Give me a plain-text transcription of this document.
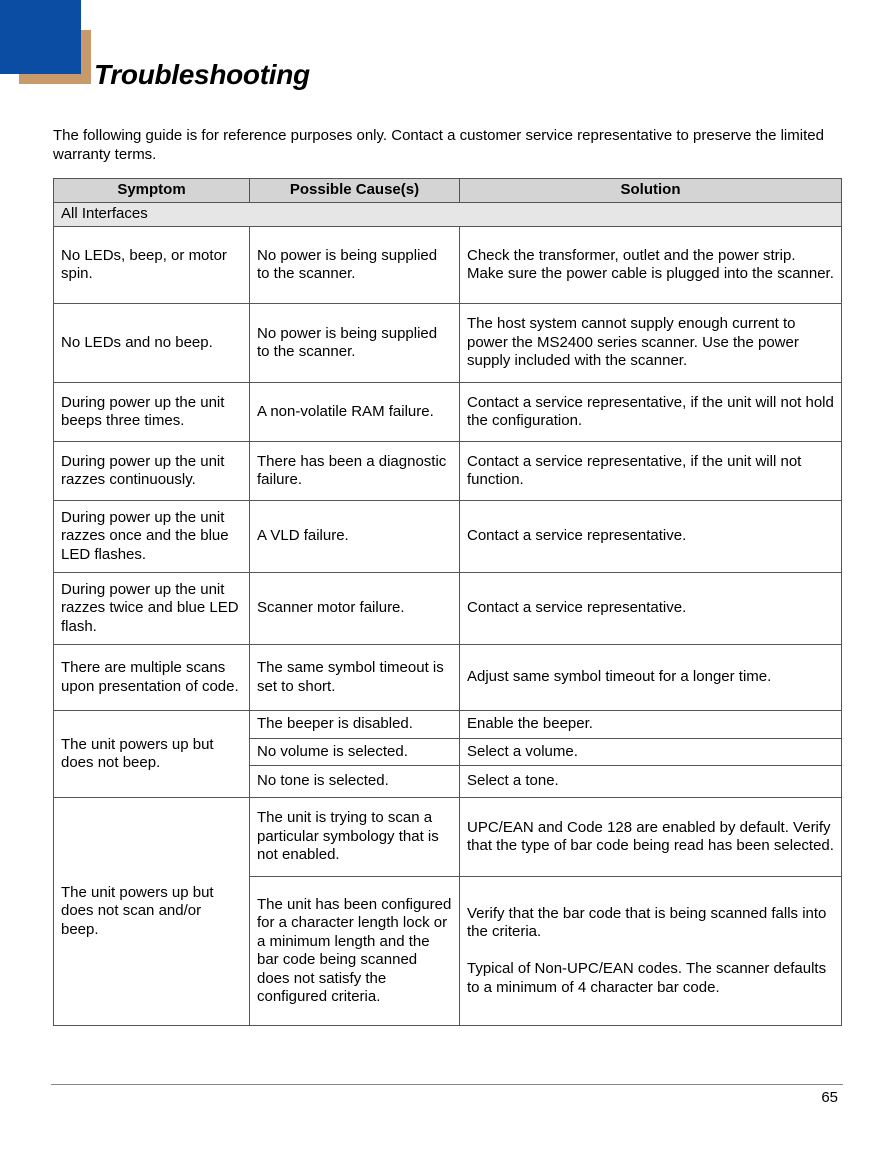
Troubleshooting

The following guide is for reference purposes only. Contact a customer service representative to preserve the limited warranty terms.

Symptom	Possible Cause(s)	Solution
All Interfaces		
No LEDs, beep, or motor spin.	No power is being supplied to the scanner.	Check the transformer, outlet and the power strip. Make sure the power cable is plugged into the scanner.
No LEDs and no beep.	No power is being supplied to the scanner.	The host system cannot supply enough current to power the MS2400 series scanner. Use the power supply included with the scanner.
During power up the unit beeps three times.	A non-volatile RAM failure.	Contact a service representative, if the unit will not hold the configuration.
During power up the unit razzes continuously.	There has been a diagnostic failure.	Contact a service representative, if the unit will not function.
During power up the unit razzes once and the blue LED flashes.	A VLD failure.	Contact a service representative.
During power up the unit razzes twice and blue LED flash.	Scanner motor failure.	Contact a service representative.
There are multiple scans upon presentation of code.	The same symbol timeout is set to short.	Adjust same symbol timeout for a longer time.
The unit powers up but does not beep.	The beeper is disabled.	Enable the beeper.
	No volume is selected.	Select a volume.
	No tone is selected.	Select a tone.
The unit powers up but does not scan and/or beep.	The unit is trying to scan a particular symbology that is not enabled.	UPC/EAN and Code 128 are enabled by default. Verify that the type of bar code being read has been selected.
	The unit has been configured for a character length lock or a minimum length and the bar code being scanned does not satisfy the configured criteria.	Verify that the bar code that is being scanned falls into the criteria.

Typical of Non-UPC/EAN codes. The scanner defaults to a minimum of 4 character bar code.
65
